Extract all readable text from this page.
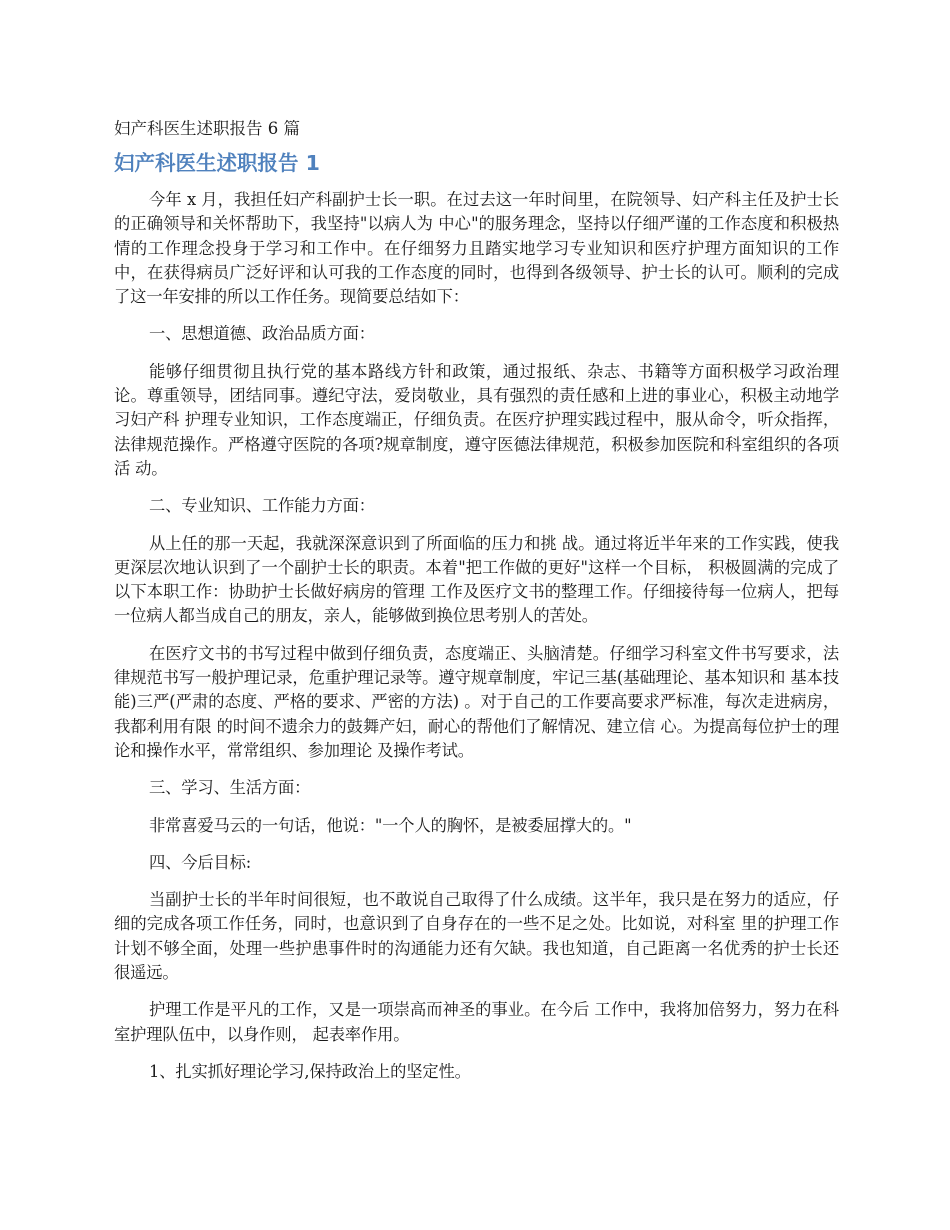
妇产科医生述职报告 6 篇
妇产科医生述职报告 1

今年 x 月，我担任妇产科副护士长一职。在过去这一年时间里，在院领导、妇产科主任及护士长的正确领导和关怀帮助下，我坚持"以病人为 中心"的服务理念，坚持以仔细严谨的工作态度和积极热情的工作理念投身于学习和工作中。在仔细努力且踏实地学习专业知识和医疗护理方面知识的工作中，在获得病员广泛好评和认可我的工作态度的同时，也得到各级领导、护士长的认可。顺利的完成了这一年安排的所以工作任务。现简要总结如下：

一、思想道德、政治品质方面：

能够仔细贯彻且执行党的基本路线方针和政策，通过报纸、杂志、书籍等方面积极学习政治理论。尊重领导，团结同事。遵纪守法，爱岗敬业，具有强烈的责任感和上进的事业心，积极主动地学习妇产科 护理专业知识，工作态度端正，仔细负责。在医疗护理实践过程中，服从命令，听众指挥，法律规范操作。严格遵守医院的各项?规章制度，遵守医德法律规范，积极参加医院和科室组织的各项活 动。

二、专业知识、工作能力方面：

从上任的那一天起，我就深深意识到了所面临的压力和挑 战。通过将近半年来的工作实践，使我更深层次地认识到了一个副护士长的职责。本着"把工作做的更好"这样一个目标， 积极圆满的完成了以下本职工作：协助护士长做好病房的管理 工作及医疗文书的整理工作。仔细接待每一位病人，把每一位病人都当成自己的朋友，亲人，能够做到换位思考别人的苦处。

在医疗文书的书写过程中做到仔细负责，态度端正、头脑清楚。仔细学习科室文件书写要求，法律规范书写一般护理记录，危重护理记录等。遵守规章制度，牢记三基(基础理论、基本知识和 基本技能)三严(严肃的态度、严格的要求、严密的方法) 。对于自己的工作要高要求严标准，每次走进病房，我都利用有限 的时间不遗余力的鼓舞产妇，耐心的帮他们了解情况、建立信 心。为提高每位护士的理论和操作水平，常常组织、参加理论 及操作考试。

三、学习、生活方面：

非常喜爱马云的一句话，他说："一个人的胸怀，是被委屈撑大的。"

四、今后目标:

当副护士长的半年时间很短，也不敢说自己取得了什么成绩。这半年，我只是在努力的适应，仔细的完成各项工作任务，同时，也意识到了自身存在的一些不足之处。比如说，对科室 里的护理工作计划不够全面，处理一些护患事件时的沟通能力还有欠缺。我也知道，自己距离一名优秀的护士长还很遥远。

护理工作是平凡的工作，又是一项崇高而神圣的事业。在今后 工作中，我将加倍努力，努力在科室护理队伍中，以身作则， 起表率作用。

1、扎实抓好理论学习,保持政治上的坚定性。
